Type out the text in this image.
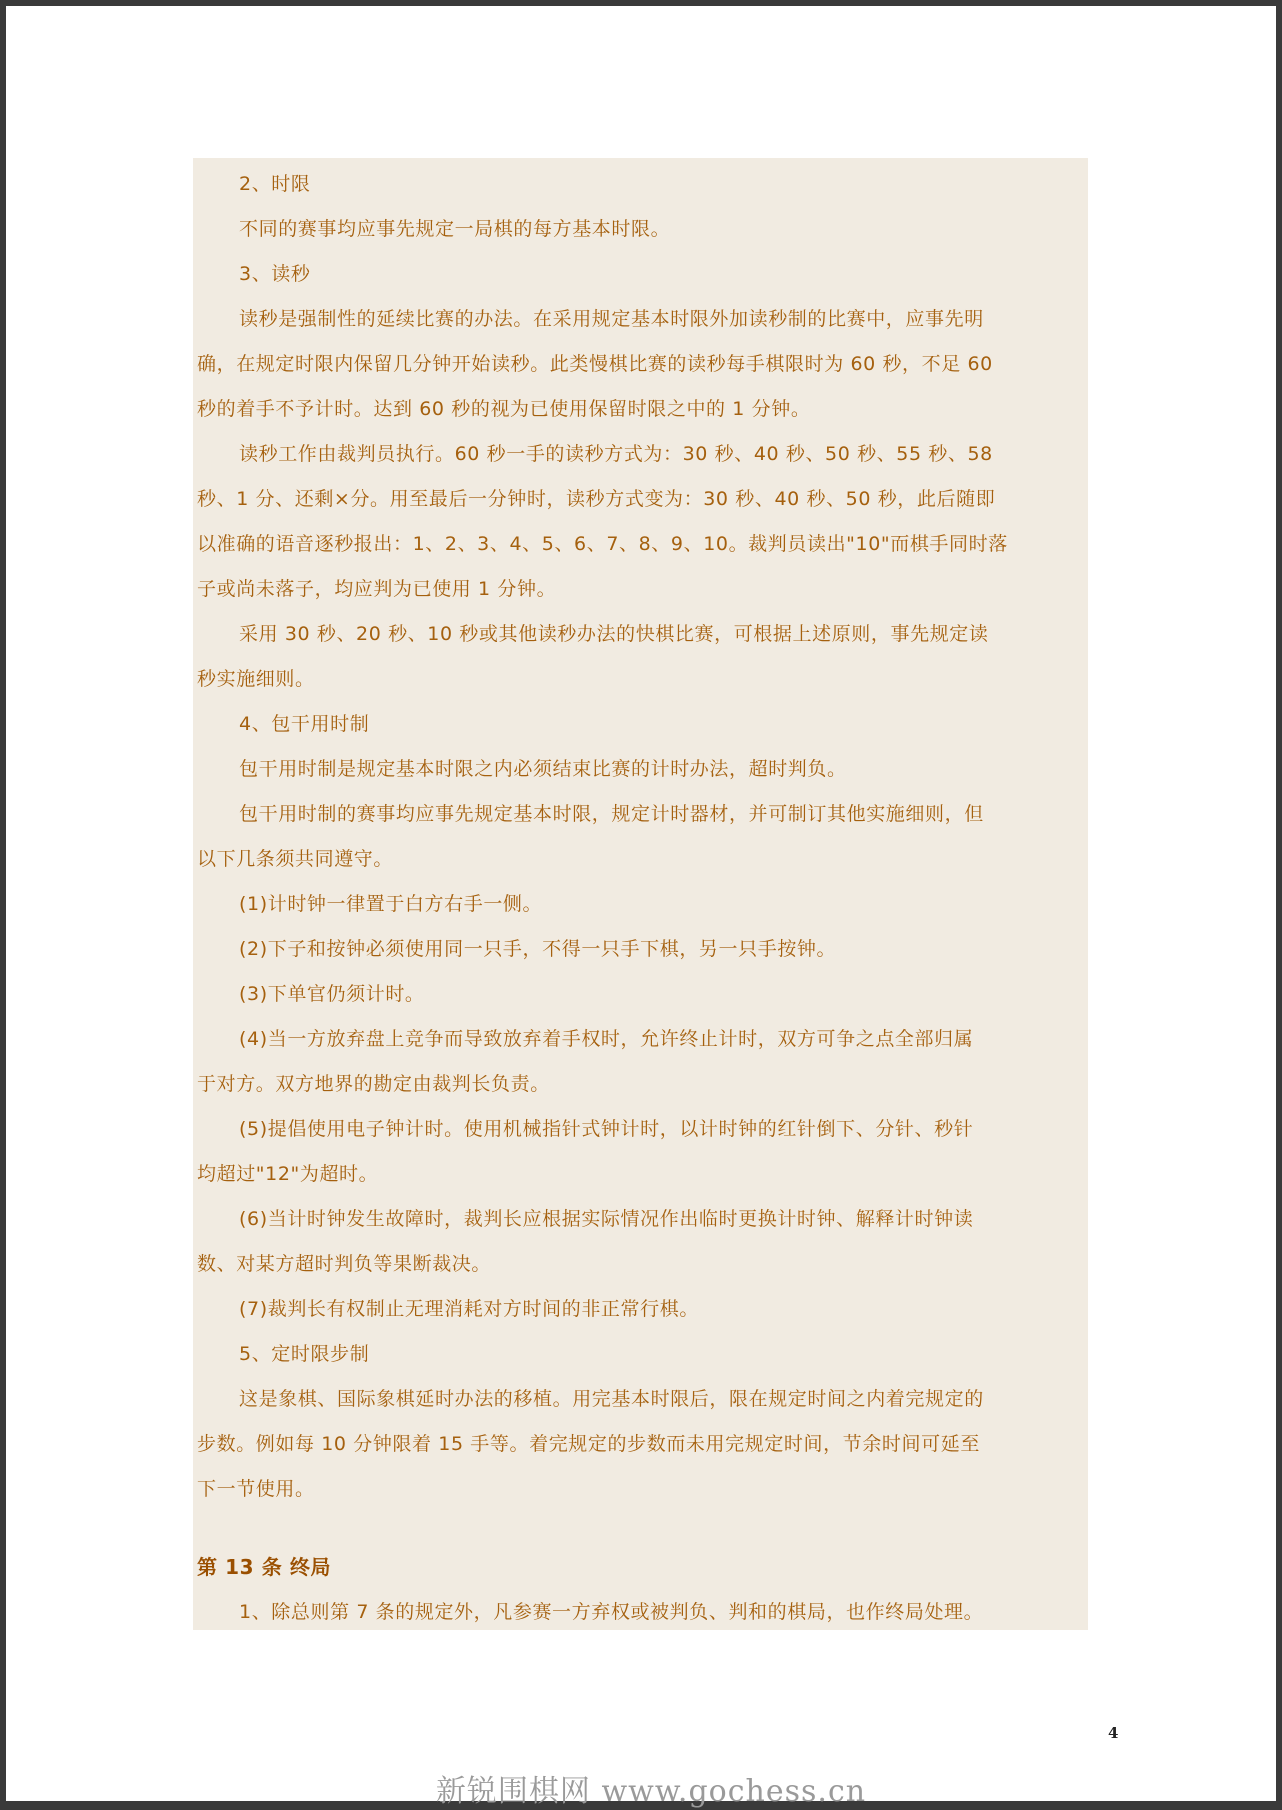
2、时限
不同的赛事均应事先规定一局棋的每方基本时限。
3、读秒
读秒是强制性的延续比赛的办法。在采用规定基本时限外加读秒制的比赛中，应事先明
确，在规定时限内保留几分钟开始读秒。此类慢棋比赛的读秒每手棋限时为 60 秒，不足 60
秒的着手不予计时。达到 60 秒的视为已使用保留时限之中的 1 分钟。
读秒工作由裁判员执行。60 秒一手的读秒方式为：30 秒、40 秒、50 秒、55 秒、58
秒、1 分、还剩×分。用至最后一分钟时，读秒方式变为：30 秒、40 秒、50 秒，此后随即
以准确的语音逐秒报出：1、2、3、4、5、6、7、8、9、10。裁判员读出"10"而棋手同时落
子或尚未落子，均应判为已使用 1 分钟。
采用 30 秒、20 秒、10 秒或其他读秒办法的快棋比赛，可根据上述原则，事先规定读
秒实施细则。
4、包干用时制
包干用时制是规定基本时限之内必须结束比赛的计时办法，超时判负。
包干用时制的赛事均应事先规定基本时限，规定计时器材，并可制订其他实施细则，但
以下几条须共同遵守。
(1)计时钟一律置于白方右手一侧。
(2)下子和按钟必须使用同一只手，不得一只手下棋，另一只手按钟。
(3)下单官仍须计时。
(4)当一方放弃盘上竞争而导致放弃着手权时，允许终止计时，双方可争之点全部归属
于对方。双方地界的勘定由裁判长负责。
(5)提倡使用电子钟计时。使用机械指针式钟计时，以计时钟的红针倒下、分针、秒针
均超过"12"为超时。
(6)当计时钟发生故障时，裁判长应根据实际情况作出临时更换计时钟、解释计时钟读
数、对某方超时判负等果断裁决。
(7)裁判长有权制止无理消耗对方时间的非正常行棋。
5、定时限步制
这是象棋、国际象棋延时办法的移植。用完基本时限后，限在规定时间之内着完规定的
步数。例如每 10 分钟限着 15 手等。着完规定的步数而未用完规定时间，节余时间可延至
下一节使用。
第 13 条 终局
1、除总则第 7 条的规定外，凡参赛一方弃权或被判负、判和的棋局，也作终局处理。
4
新锐围棋网 www.gochess.cn
